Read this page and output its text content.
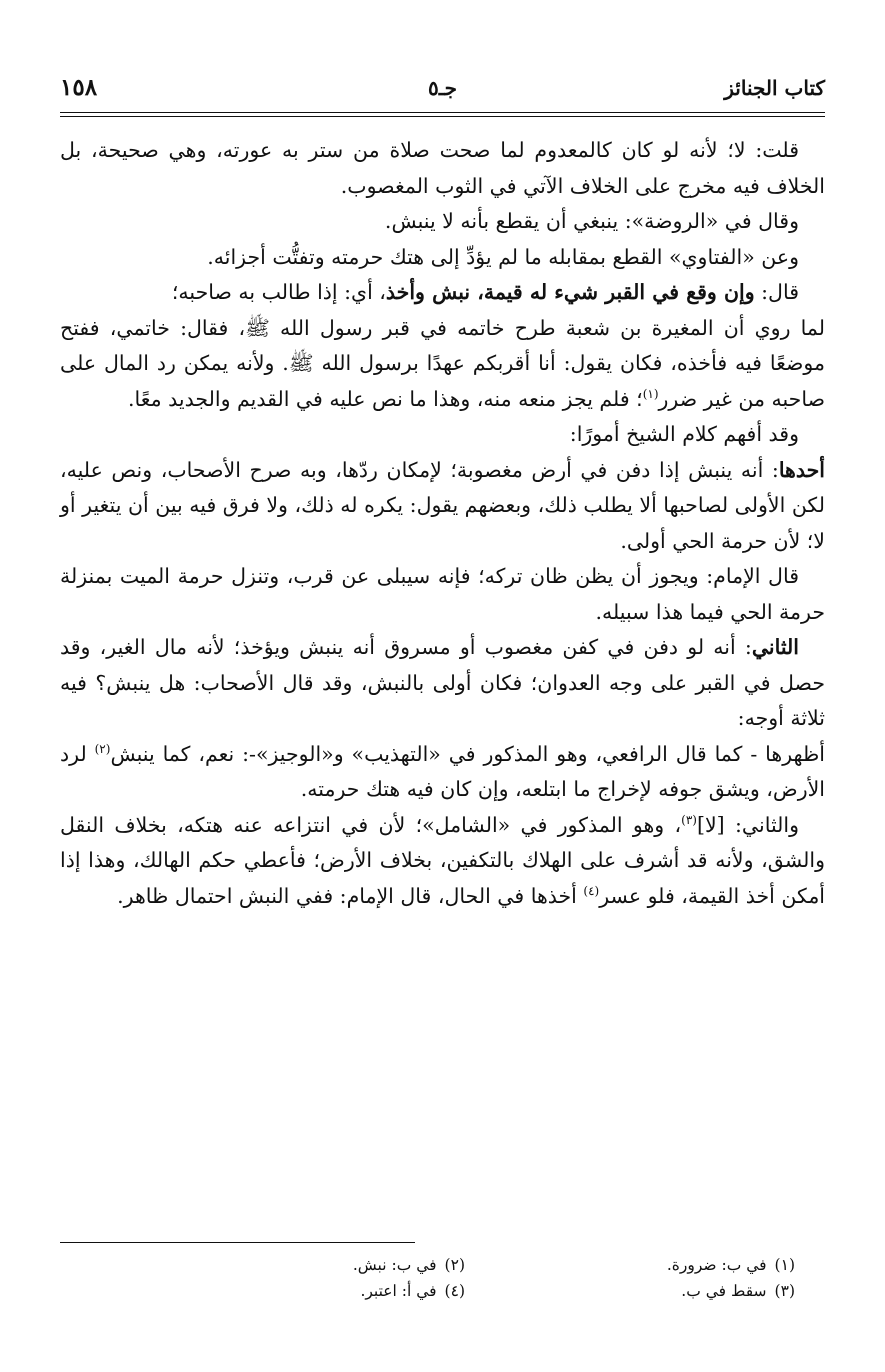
كتاب الجنائز
جـ٥
١٥٨

قلت: لا؛ لأنه لو كان كالمعدوم لما صحت صلاة من ستر به عورته، وهي صحيحة، بل الخلاف فيه مخرج على الخلاف الآتي في الثوب المغصوب.

وقال في «الروضة»: ينبغي أن يقطع بأنه لا ينبش.

وعن «الفتاوي» القطع بمقابله ما لم يؤدِّ إلى هتك حرمته وتفتُّت أجزائه.

قال: وإن وقع في القبر شيء له قيمة، نبش وأخذ، أي: إذا طالب به صاحبه؛

لما روي أن المغيرة بن شعبة طرح خاتمه في قبر رسول الله ﷺ، فقال: خاتمي، ففتح موضعًا فيه فأخذه، فكان يقول: أنا أقربكم عهدًا برسول الله ﷺ. ولأنه يمكن رد المال على صاحبه من غير ضرر$^{(١)}$؛ فلم يجز منعه منه، وهذا ما نص عليه في القديم والجديد معًا.

وقد أفهم كلام الشيخ أمورًا:

أحدها: أنه ينبش إذا دفن في أرض مغصوبة؛ لإمكان ردّها، وبه صرح الأصحاب، ونص عليه، لكن الأولى لصاحبها ألا يطلب ذلك، وبعضهم يقول: يكره له ذلك، ولا فرق فيه بين أن يتغير أو لا؛ لأن حرمة الحي أولى.

قال الإمام: ويجوز أن يظن ظان تركه؛ فإنه سيبلى عن قرب، وتنزل حرمة الميت بمنزلة حرمة الحي فيما هذا سبيله.

الثاني: أنه لو دفن في كفن مغصوب أو مسروق أنه ينبش ويؤخذ؛ لأنه مال الغير، وقد حصل في القبر على وجه العدوان؛ فكان أولى بالنبش، وقد قال الأصحاب: هل ينبش؟ فيه ثلاثة أوجه:

أظهرها - كما قال الرافعي، وهو المذكور في «التهذيب» و«الوجيز»-: نعم، كما ينبش$^{(٢)}$ لرد الأرض، ويشق جوفه لإخراج ما ابتلعه، وإن كان فيه هتك حرمته.

والثاني: [لا]$^{(٣)}$، وهو المذكور في «الشامل»؛ لأن في انتزاعه عنه هتكه، بخلاف النقل والشق، ولأنه قد أشرف على الهلاك بالتكفين، بخلاف الأرض؛ فأعطي حكم الهالك، وهذا إذا أمكن أخذ القيمة، فلو عسر$^{(٤)}$ أخذها في الحال، قال الإمام: ففي النبش احتمال ظاهر.

(١)في ب: ضرورة.
(٢)في ب: نبش.
(٣)سقط في ب.
(٤)في أ: اعتبر.
